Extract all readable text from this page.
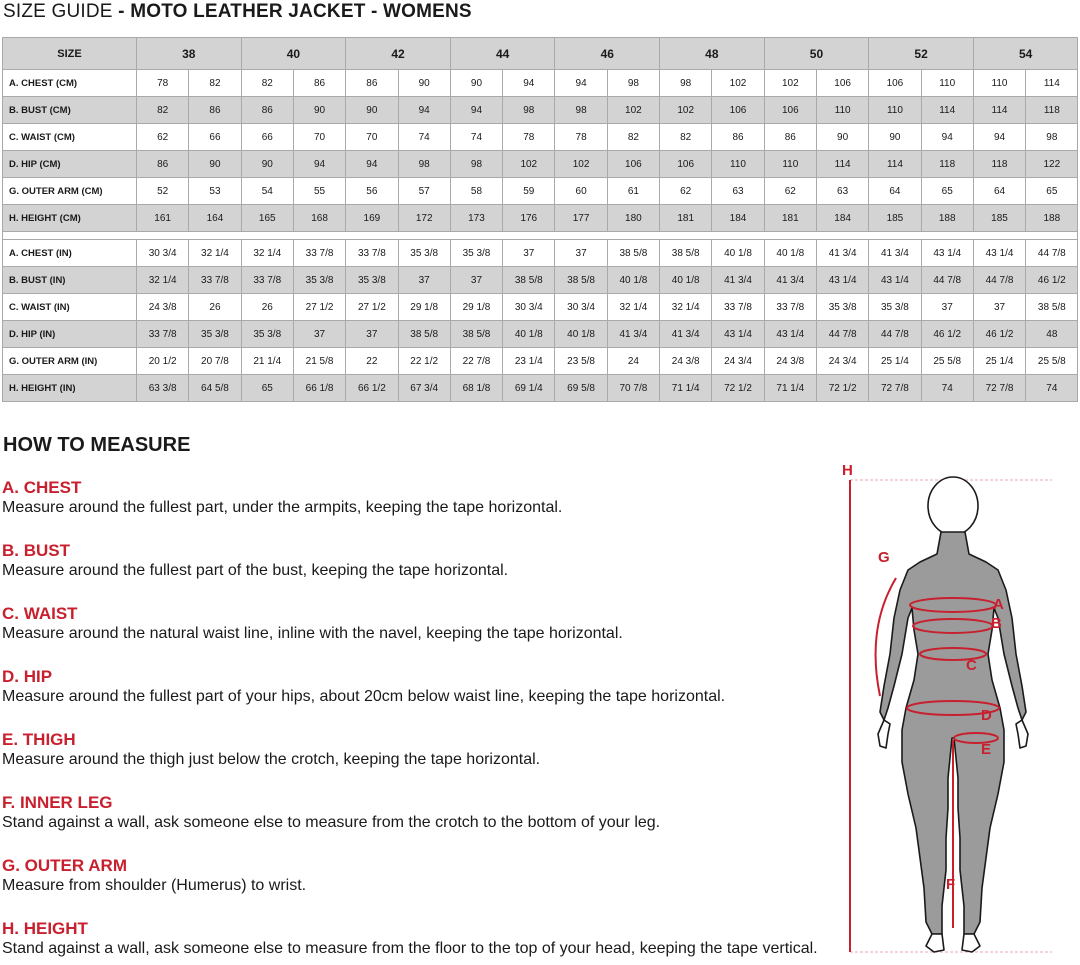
SIZE GUIDE - MOTO LEATHER JACKET - WOMENS
SIZE	38		40		42		44		46		48		50		52		54	
A. CHEST (CM)	78	82	82	86	86	90	90	94	94	98	98	102	102	106	106	110	110	114
B. BUST (CM)	82	86	86	90	90	94	94	98	98	102	102	106	106	110	110	114	114	118
C. WAIST (CM)	62	66	66	70	70	74	74	78	78	82	82	86	86	90	90	94	94	98
D. HIP (CM)	86	90	90	94	94	98	98	102	102	106	106	110	110	114	114	118	118	122
G. OUTER ARM (CM)	52	53	54	55	56	57	58	59	60	61	62	63	62	63	64	65	64	65
H. HEIGHT (CM)	161	164	165	168	169	172	173	176	177	180	181	184	181	184	185	188	185	188

A. CHEST (IN)	30 3/4	32 1/4	32 1/4	33 7/8	33 7/8	35 3/8	35 3/8	37	37	38 5/8	38 5/8	40 1/8	40 1/8	41 3/4	41 3/4	43 1/4	43 1/4	44 7/8
B. BUST (IN)	32 1/4	33 7/8	33 7/8	35 3/8	35 3/8	37	37	38 5/8	38 5/8	40 1/8	40 1/8	41 3/4	41 3/4	43 1/4	43 1/4	44 7/8	44 7/8	46 1/2
C. WAIST (IN)	24 3/8	26	26	27 1/2	27 1/2	29 1/8	29 1/8	30 3/4	30 3/4	32 1/4	32 1/4	33 7/8	33 7/8	35 3/8	35 3/8	37	37	38 5/8
D. HIP (IN)	33 7/8	35 3/8	35 3/8	37	37	38 5/8	38 5/8	40 1/8	40 1/8	41 3/4	41 3/4	43 1/4	43 1/4	44 7/8	44 7/8	46 1/2	46 1/2	48
G. OUTER ARM (IN)	20 1/2	20 7/8	21 1/4	21 5/8	22	22 1/2	22 7/8	23 1/4	23 5/8	24	24 3/8	24 3/4	24 3/8	24 3/4	25 1/4	25 5/8	25 1/4	25 5/8
H. HEIGHT (IN)	63 3/8	64 5/8	65	66 1/8	66 1/2	67 3/4	68 1/8	69 1/4	69 5/8	70 7/8	71 1/4	72 1/2	71 1/4	72 1/2	72 7/8	74	72 7/8	74
HOW TO MEASURE
A. CHEST
Measure around the fullest part, under the armpits, keeping the tape horizontal.
B. BUST
Measure around the fullest part of the bust, keeping the tape horizontal.
C. WAIST
Measure around the natural waist line, inline with the navel, keeping the tape horizontal.
D. HIP
Measure around the fullest part of your hips, about 20cm below waist line, keeping the tape horizontal.
E. THIGH
Measure around the thigh just below the crotch, keeping the tape horizontal.
F. INNER LEG
Stand against a wall, ask someone else to measure from the crotch to the bottom of your leg.
G. OUTER ARM
Measure from shoulder (Humerus) to wrist.
H. HEIGHT
Stand against a wall, ask someone else to measure from the floor to the top of your head, keeping the tape vertical.
H
G
A
B
C
D
E
F
